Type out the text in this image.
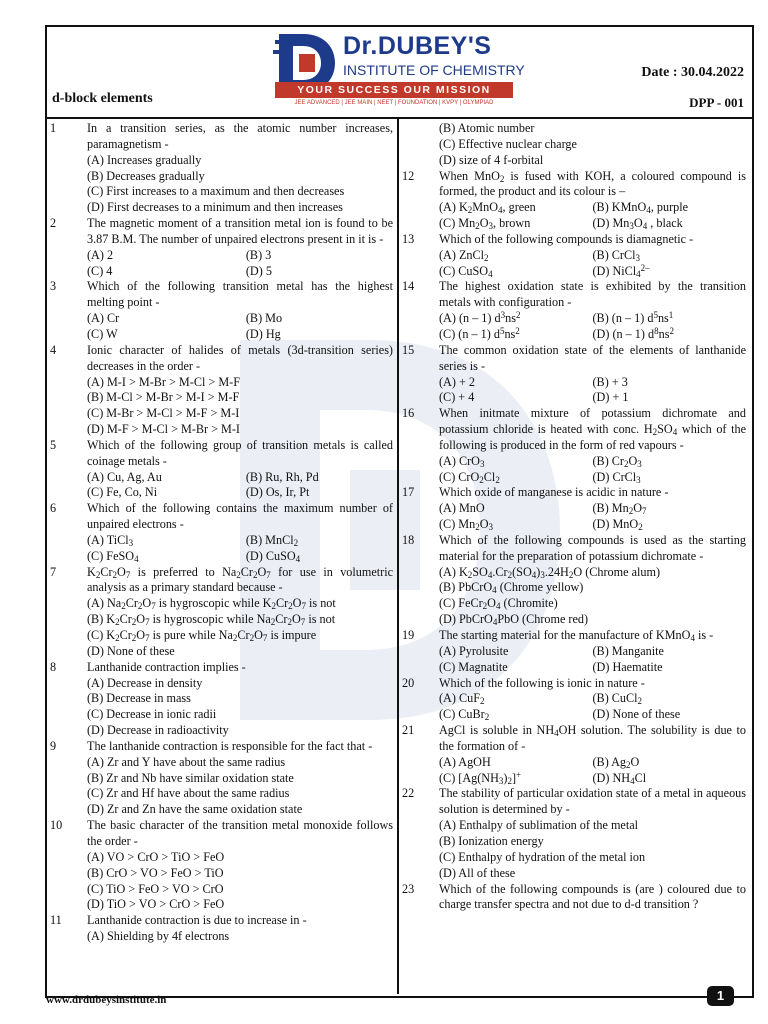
Dr.DUBEY'S
INSTITUTE OF CHEMISTRY
YOUR SUCCESS OUR MISSION
JEE ADVANCED | JEE MAIN | NEET | FOUNDATION | KVPY | OLYMPIAD
Date : 30.04.2022
d-block elements	DPP - 001
1	In a transition series, as the atomic number increases, paramagnetism -
(A) Increases gradually
(B) Decreases gradually
(C) First increases to a maximum and then decreases
(D) First decreases to a minimum and then increases
2	The magnetic moment of a transition metal ion is found to be 3.87 B.M. The number of unpaired electrons present in it is -
(A) 2	(B) 3
(C) 4	(D) 5
3	Which of the following transition metal has the highest melting point -
(A) Cr	(B) Mo
(C) W	(D) Hg
4	Ionic character of halides of metals (3d-transition series) decreases in the order -
(A) M-I > M-Br > M-Cl > M-F
(B) M-Cl > M-Br > M-I > M-F
(C) M-Br > M-Cl > M-F > M-I
(D) M-F > M-Cl > M-Br > M-I
5	Which of the following group of transition metals is called coinage metals -
(A) Cu, Ag, Au	(B) Ru, Rh, Pd
(C) Fe, Co, Ni	(D) Os, Ir, Pt
6	Which of the following contains the maximum number of unpaired electrons -
(A) TiCl$_3$	(B) MnCl$_2$
(C) FeSO$_4$	(D) CuSO$_4$
7	$K_2Cr_2O_7$ is preferred to $Na_2Cr_2O_7$ for use in volumetric analysis as a primary standard because -
(A) $Na_2Cr_2O_7$ is hygroscopic while $K_2Cr_2O_7$ is not
(B) $K_2Cr_2O_7$ is hygroscopic while $Na_2Cr_2O_7$ is not
(C) $K_2Cr_2O_7$ is pure while $Na_2Cr_2O_7$ is impure
(D) None of these
8	Lanthanide contraction implies -
(A) Decrease in density
(B) Decrease in mass
(C) Decrease in ionic radii
(D) Decrease in radioactivity
9	The lanthanide contraction is responsible for the fact that -
(A) Zr and Y have about the same radius
(B) Zr and Nb have similar oxidation state
(C) Zr and Hf have about the same radius
(D) Zr and Zn have the same oxidation state
10 The basic character of the transition metal monoxide follows the order -
(A) VO > CrO > TiO > FeO
(B) CrO > VO > FeO > TiO
(C) TiO > FeO > VO > CrO
(D) TiO > VO > CrO > FeO
11 Lanthanide contraction is due to increase in -
(A) Shielding by 4f electrons
(B) Atomic number
(C) Effective nuclear charge
(D) size of 4 f-orbital
12 When MnO$_2$ is fused with KOH, a coloured compound is formed, the product and its colour is –
(A) $K_2MnO_4$, green	(B) KMnO$_4$, purple
(C) $Mn_2O_3$, brown	(D) $Mn_3O_4$ , black
13 Which of the following compounds is diamagnetic -
(A) ZnCl$_2$	(B) CrCl$_3$
(C) CuSO$_4$	(D) NiCl$_4^{2-}$
14 The highest oxidation state is exhibited by the transition metals with configuration -
(A) (n – 1) $d^3ns^2$	(B) (n – 1) $d^5ns^1$
(C) (n – 1) $d^5ns^2$	(D) (n – 1) $d^8ns^2$
15 The common oxidation state of the elements of lanthanide series is -
(A) + 2	(B) + 3
(C) + 4	(D) + 1
16 When initmate mixture of potassium dichromate and potassium chloride is heated with conc. $H_2SO_4$ which of the following is produced in the form of red vapours -
(A) CrO$_3$	(B) $Cr_2O_3$
(C) $CrO_2Cl_2$	(D) CrCl$_3$
17 Which oxide of manganese is acidic in nature -
(A) MnO	(B) $Mn_2O_7$
(C) $Mn_2O_3$	(D) MnO$_2$
18 Which of the following compounds is used as the starting material for the preparation of potassium dichromate -
(A) $K_2SO_4.Cr_2(SO_4)_3.24H_2O$ (Chrome alum)
(B) PbCrO$_4$ (Chrome yellow)
(C) $FeCr_2O_4$ (Chromite)
(D) PbCrO$_4$PbO (Chrome red)
19 The starting material for the manufacture of KMnO$_4$ is -
(A) Pyrolusite	(B) Manganite
(C) Magnatite	(D) Haematite
20 Which of the following is ionic in nature -
(A) CuF$_2$	(B) CuCl$_2$
(C) CuBr$_2$	(D) None of these
21 AgCl is soluble in $NH_4OH$ solution. The solubility is due to the formation of -
(A) AgOH	(B) $Ag_2O$
(C) $[Ag(NH_3)_2]^+$	(D) $NH_4Cl$
22 The stability of particular oxidation state of a metal in aqueous solution is determined by -
(A) Enthalpy of sublimation of the metal
(B) Ionization energy
(C) Enthalpy of hydration of the metal ion
(D) All of these
23 Which of the following compounds is (are ) coloured due to charge transfer spectra and not due to d-d transition ?
www.drdubeysinstitute.in	1
